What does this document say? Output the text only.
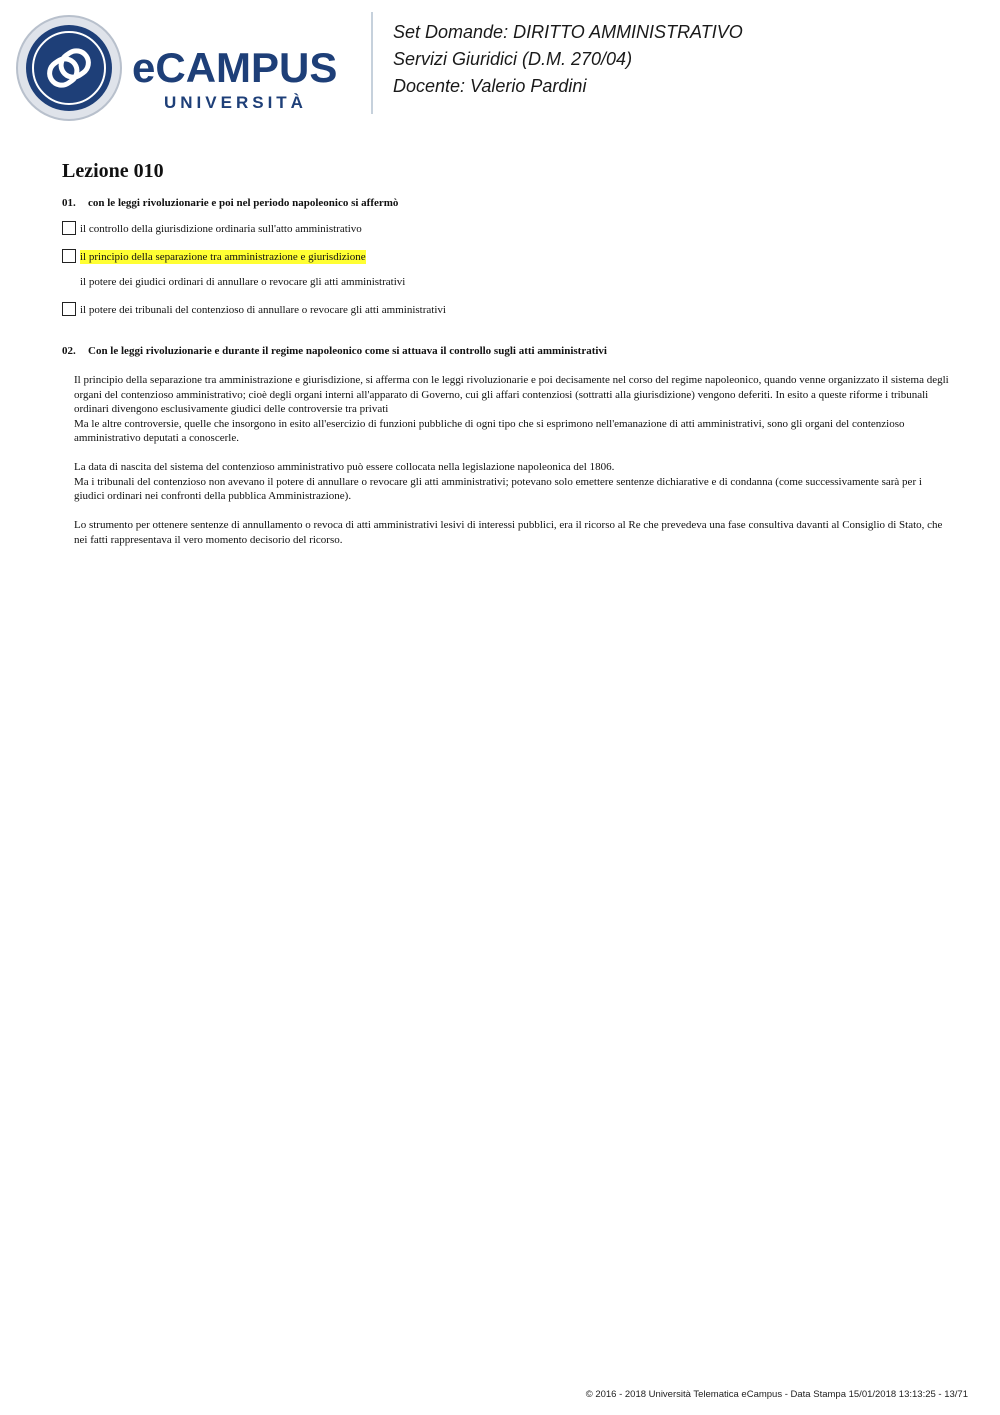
eCAMPUS
UNIVERSITÀ
Set Domande: DIRITTO AMMINISTRATIVO
Servizi Giuridici (D.M. 270/04)
Docente: Valerio Pardini
Lezione 010
01. con le leggi rivoluzionarie e poi nel periodo napoleonico si affermò
il controllo della giurisdizione ordinaria sull'atto amministrativo
il principio della separazione tra amministrazione e giurisdizione
il potere dei giudici ordinari di annullare o revocare gli atti amministrativi
il potere dei tribunali del contenzioso di annullare o revocare gli atti amministrativi
02. Con le leggi rivoluzionarie e durante il regime napoleonico come si attuava il controllo sugli atti amministrativi

Il principio della separazione tra amministrazione e giurisdizione, si afferma con le leggi rivoluzionarie e poi decisamente nel corso del regime napoleonico, quando venne organizzato il sistema degli organi del contenzioso amministrativo; cioè degli organi interni all'apparato di Governo, cui gli affari contenziosi (sottratti alla giurisdizione) vengono deferiti. In esito a queste riforme i tribunali ordinari divengono esclusivamente giudici delle controversie tra privati

Ma le altre controversie, quelle che insorgono in esito all'esercizio di funzioni pubbliche di ogni tipo che si esprimono nell'emanazione di atti amministrativi, sono gli organi del contenzioso amministrativo deputati a conoscerle.

La data di nascita del sistema del contenzioso amministrativo può essere collocata nella legislazione napoleonica del 1806.

Ma i tribunali del contenzioso non avevano il potere di annullare o revocare gli atti amministrativi; potevano solo emettere sentenze dichiarative e di condanna (come successivamente sarà per i giudici ordinari nei confronti della pubblica Amministrazione).

Lo strumento per ottenere sentenze di annullamento o revoca di atti amministrativi lesivi di interessi pubblici, era il ricorso al Re che prevedeva una fase consultiva davanti al Consiglio di Stato, che nei fatti rappresentava il vero momento decisorio del ricorso.

© 2016 - 2018 Università Telematica eCampus - Data Stampa 15/01/2018 13:13:25 - 13/71
